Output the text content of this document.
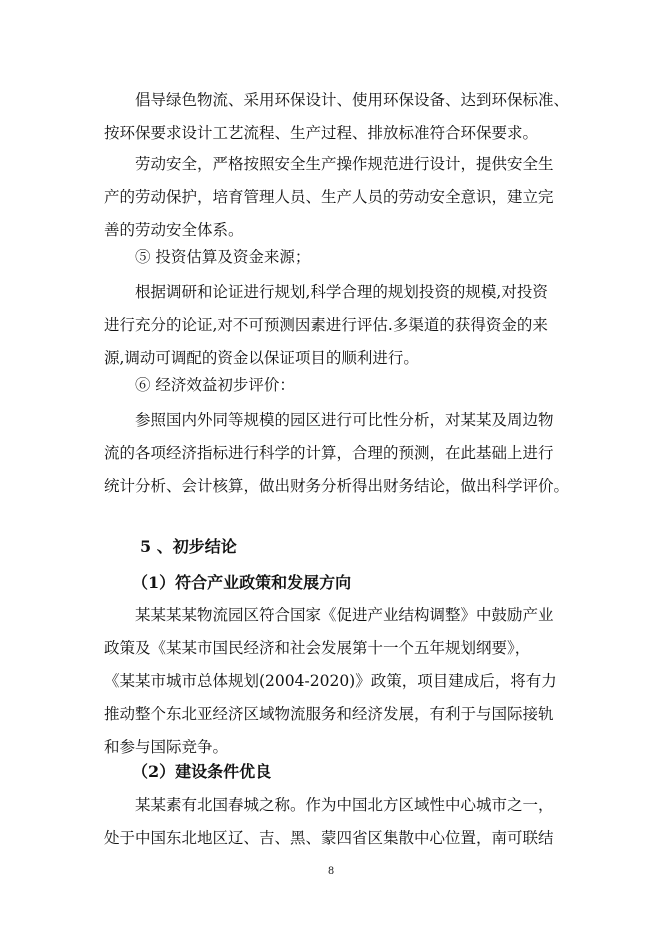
倡导绿色物流、采用环保设计、使用环保设备、达到环保标准、
按环保要求设计工艺流程、生产过程、排放标准符合环保要求。

劳动安全，严格按照安全生产操作规范进行设计，提供安全生
产的劳动保护，培育管理人员、生产人员的劳动安全意识，建立完
善的劳动安全体系。

⑤ 投资估算及资金来源；

根据调研和论证进行规划,科学合理的规划投资的规模,对投资
进行充分的论证,对不可预测因素进行评估.多渠道的获得资金的来
源,调动可调配的资金以保证项目的顺利进行。

⑥ 经济效益初步评价：

参照国内外同等规模的园区进行可比性分析，对某某及周边物
流的各项经济指标进行科学的计算，合理的预测，在此基础上进行
统计分析、会计核算，做出财务分析得出财务结论，做出科学评价。

5 、初步结论
（1）符合产业政策和发展方向

某某某某物流园区符合国家《促进产业结构调整》中鼓励产业
政策及《某某市国民经济和社会发展第十一个五年规划纲要》，
《某某市城市总体规划(2004-2020)》政策，项目建成后，将有力
推动整个东北亚经济区域物流服务和经济发展，有利于与国际接轨
和参与国际竞争。

（2）建设条件优良

某某素有北国春城之称。作为中国北方区域性中心城市之一，
处于中国东北地区辽、吉、黑、蒙四省区集散中心位置，南可联结

8
